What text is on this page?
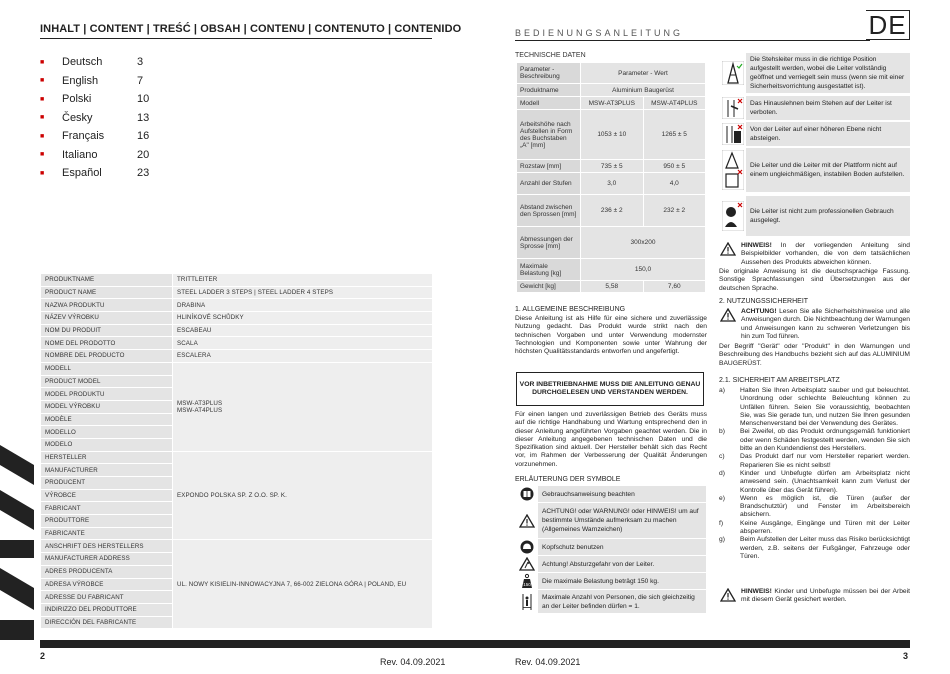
INHALT | CONTENT | TREŚĆ | OBSAH | CONTENU | CONTENUTO | CONTENIDO
■	Deutsch	3
■	English	7
■	Polski	10
■	Česky	13
■	Français	16
■	Italiano	20
■	Español	23
PRODUKTNAME	TRITTLEITER
PRODUCT NAME	STEEL LADDER 3 STEPS | STEEL LADDER 4 STEPS
NAZWA PRODUKTU	DRABINA
NÁZEV VÝROBKU	HLINÍKOVÉ SCHŮDKY
NOM DU PRODUIT	ESCABEAU
NOME DEL PRODOTTO	SCALA
NOMBRE DEL PRODUCTO	ESCALERA
MODELL	MSW-AT3PLUS
MSW-AT4PLUS

PRODUCT MODEL	
MODEL PRODUKTU	
MODEL VÝROBKU	
MODÈLE	
MODELLO	
MODELO	
HERSTELLER	EXPONDO POLSKA SP. Z O.O. SP. K.
MANUFACTURER	
PRODUCENT	
VÝROBCE	
FABRICANT	
PRODUTTORE	
FABRICANTE	
ANSCHRIFT DES HERSTELLERS	UL. NOWY KISIELIN-INNOWACYJNA 7, 66-002 ZIELONA GÓRA | POLAND, EU
MANUFACTURER ADDRESS	
ADRES PRODUCENTA	
ADRESA VÝROBCE	
ADRESSE DU FABRICANT	
INDIRIZZO DEL PRODUTTORE	
DIRECCIÓN DEL FABRICANTE	
2
Rev. 04.09.2021
BEDIENUNGSANLEITUNG	DE
TECHNISCHE DATEN
Parameter - Beschreibung	Parameter - Wert	
Produktname	Aluminium Baugerüst	
Modell	MSW-AT3PLUS	MSW-AT4PLUS
Arbeitshöhe nach Aufstellen in Form des Buchstaben „A" [mm]	1053 ± 10	1265 ± 5
Rozstaw [mm]	735 ± 5	950 ± 5
Anzahl der Stufen	3,0	4,0
Abstand zwischen den Sprossen [mm]	236 ± 2	232 ± 2
Abmessungen der Sprosse [mm]	300x200	
Maximale Belastung [kg]	150,0	
Gewicht [kg]	5,58	7,60
1. ALLGEMEINE BESCHREIBUNG
Diese Anleitung ist als Hilfe für eine sichere und zuverlässige Nutzung gedacht. Das Produkt wurde strikt nach den technischen Vorgaben und unter Verwendung modernster Technologien und Komponenten sowie unter Wahrung der höchsten Qualitätsstandards entworfen und angefertigt.
VOR INBETRIEBNAHME MUSS DIE ANLEITUNG GENAU DURCHGELESEN UND VERSTANDEN WERDEN.
Für einen langen und zuverlässigen Betrieb des Geräts muss auf die richtige Handhabung und Wartung entsprechend den in dieser Anleitung angeführten Vorgaben geachtet werden. Die in dieser Anleitung angegebenen technischen Daten und die Spezifikation sind aktuell. Der Hersteller behält sich das Recht vor, im Rahmen der Verbesserung der Qualität Änderungen vorzunehmen.
ERLÄUTERUNG DER SYMBOLE
Gebrauchsanweisung beachten
ACHTUNG! oder WARNUNG! oder HINWEIS! um auf bestimmte Umstände aufmerksam zu machen (Allgemeines Warnzeichen)
Kopfschutz benutzen
Achtung! Absturzgefahr von der Leiter.
150	Die maximale Belastung beträgt 150 kg.
Maximale Anzahl von Personen, die sich gleichzeitig an der Leiter befinden dürfen = 1.
Die Stehsleiter muss in die richtige Position aufgestellt werden, wobei die Leiter vollständig geöffnet und verriegelt sein muss (wenn sie mit einer Sicherheitsvorrichtung ausgestattet ist).
Das Hinauslehnen beim Stehen auf der Leiter ist verboten.
Von der Leiter auf einer höheren Ebene nicht absteigen.
Die Leiter und die Leiter mit der Plattform nicht auf einem ungleichmäßigen, instabilen Boden aufstellen.
Die Leiter ist nicht zum professionellen Gebrauch ausgelegt.
HINWEIS! In der vorliegenden Anleitung sind Beispielbilder vorhanden, die von dem tatsächlichen Aussehen des Produkts abweichen können.
Die originale Anweisung ist die deutschsprachige Fassung. Sonstige Sprachfassungen sind Übersetzungen aus der deutschen Sprache.
2. NUTZUNGSSICHERHEIT
ACHTUNG! Lesen Sie alle Sicherheitshinweise und alle Anweisungen durch. Die Nichtbeachtung der Warnungen und Anweisungen kann zu schweren Verletzungen bis hin zum Tod führen.
Der Begriff "Gerät" oder "Produkt" in den Warnungen und Beschreibung des Handbuchs bezieht sich auf das ALUMINIUM BAUGERÜST.
2.1. SICHERHEIT AM ARBEITSPLATZ
a)	Halten Sie Ihren Arbeitsplatz sauber und gut beleuchtet. Unordnung oder schlechte Beleuchtung können zu Unfällen führen. Seien Sie voraussichtig, beobachten Sie, was Sie gerade tun, und nutzen Sie Ihren gesunden Menschenverstand bei der Verwendung des Gerätes.
b)	Bei Zweifel, ob das Produkt ordnungsgemäß funktioniert oder wenn Schäden festgestellt werden, wenden Sie sich bitte an den Kundendienst des Herstellers.
c)	Das Produkt darf nur vom Hersteller repariert werden. Reparieren Sie es nicht selbst!
d)	Kinder und Unbefugte dürfen am Arbeitsplatz nicht anwesend sein. (Unachtsamkeit kann zum Verlust der Kontrolle über das Gerät führen).
e)	Wenn es möglich ist, die Türen (außer der Brandschutztür) und Fenster im Arbeitsbereich absichern.
f)	Keine Ausgänge, Eingänge und Türen mit der Leiter absperren.
g)	Beim Aufstellen der Leiter muss das Risiko berücksichtigt werden, z.B. seitens der Fußgänger, Fahrzeuge oder Türen.
HINWEIS! Kinder und Unbefugte müssen bei der Arbeit mit diesem Gerät gesichert werden.
Rev. 04.09.2021
3
